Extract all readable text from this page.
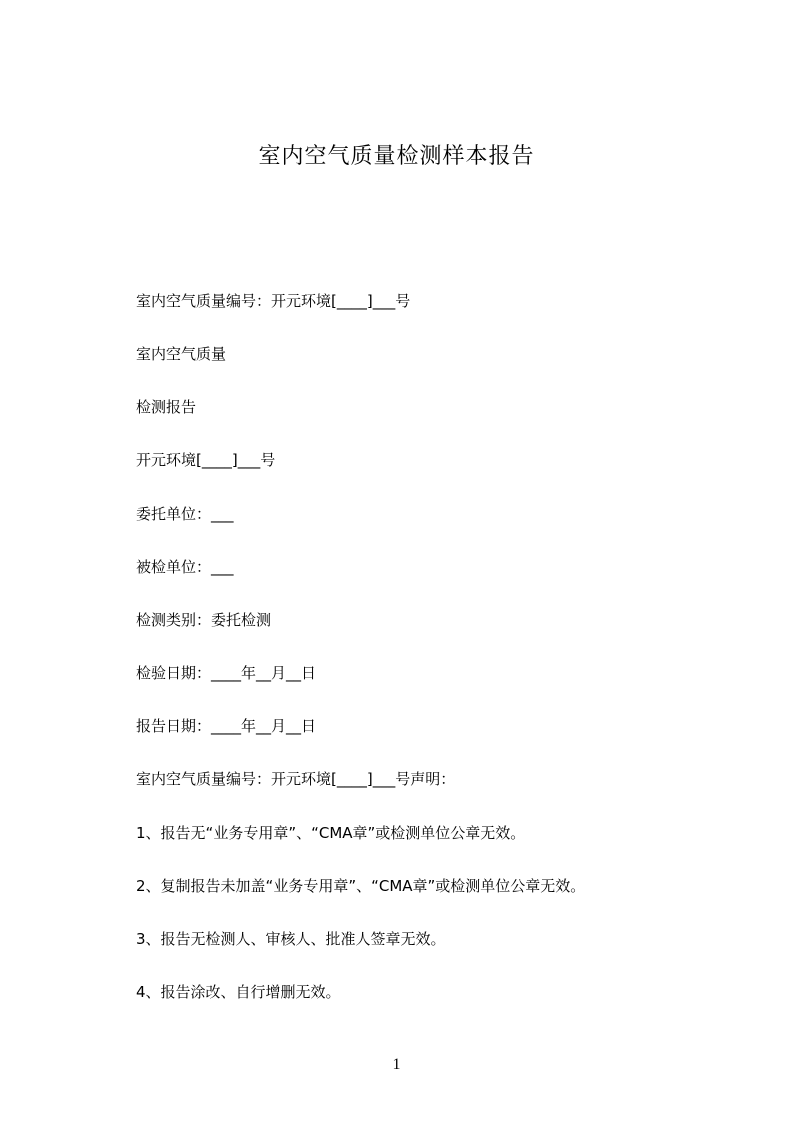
室内空气质量检测样本报告
室内空气质量编号：开元环境[____]___号
室内空气质量
检测报告
开元环境[____]___号
委托单位：___
被检单位：___
检测类别：委托检测
检验日期：____年__月__日
报告日期：____年__月__日
室内空气质量编号：开元环境[____]___号声明：
1、报告无“业务专用章”、“CMA章”或检测单位公章无效。
2、复制报告未加盖“业务专用章”、“CMA章”或检测单位公章无效。
3、报告无检测人、审核人、批准人签章无效。
4、报告涂改、自行增删无效。
1
